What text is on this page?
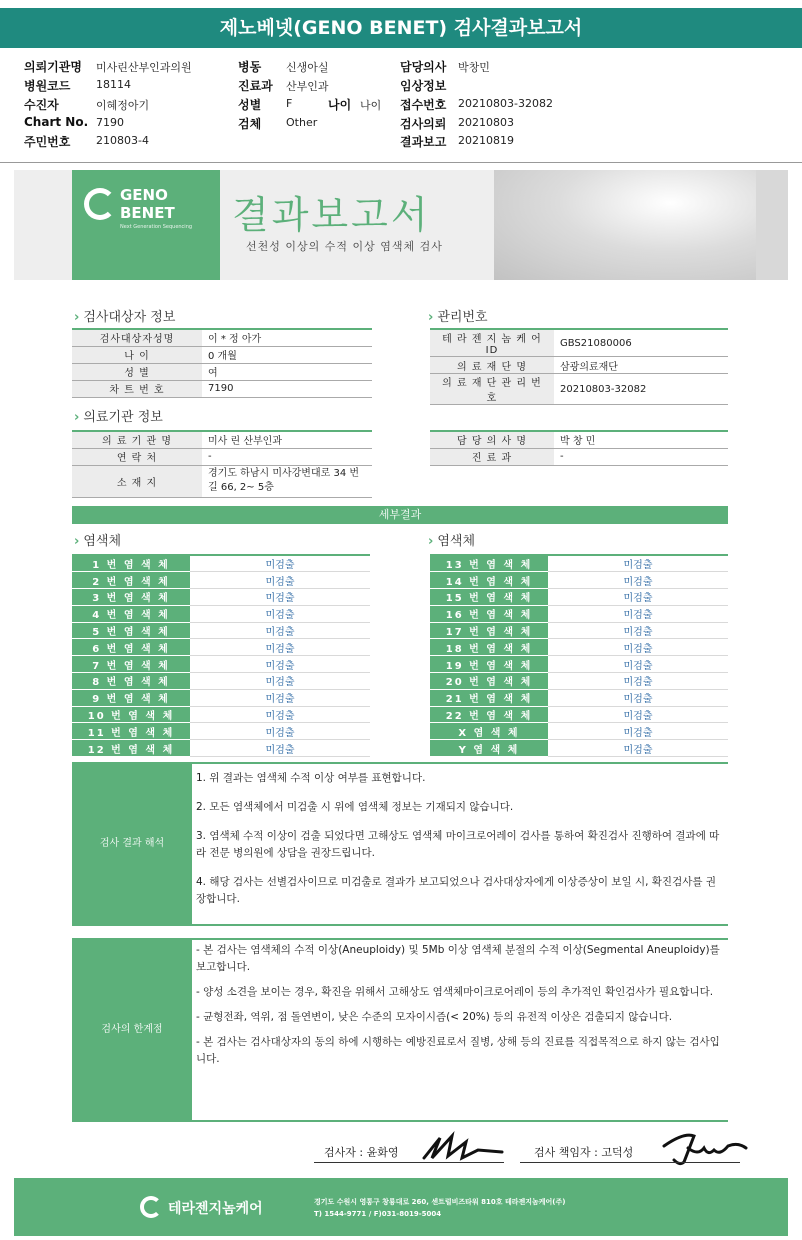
제노베넷(GENO BENET) 검사결과보고서
의뢰기관명 미사린산부인과의원
병원코드 18114
수진자	이혜정아기
Chart No. 7190
주민번호 210803-4
병동 신생아실
진료과 산부인과
성별 F	나이 나이
검체 Other
담당의사 박창민
임상정보
접수번호 20210803-32082
검사의뢰 20210803
결과보고 20210819
GENO
BENET
Next Generation Sequencing 결과보고서
선천성 이상의 수적 이상 염색체 검사
› 검사대상자 정보
검사대상자성명	이 * 정 아가
나 이	0 개월
성 별	여
차 트 번 호	7190
› 관리번호
테 라 젠 지 놈 케 어 ID	GBS21080006
의 료 재 단 명	삼광의료재단
의 료 재 단 관 리 번 호	20210803-32082
› 의료기관 정보
의 료 기 관 명	미사 린 산부인과
연 락 처	-
소 재 지	경기도 하남시 미사강변대로 34 번길 66, 2~ 5층
담 당 의 사 명	박 창 민
진 료 과	-
세부결과
› 염색체	› 염색체
1 번 염 색 체	미검출
2 번 염 색 체	미검출
3 번 염 색 체	미검출
4 번 염 색 체	미검출
5 번 염 색 체	미검출
6 번 염 색 체	미검출
7 번 염 색 체	미검출
8 번 염 색 체	미검출
9 번 염 색 체	미검출
10 번 염 색 체	미검출
11 번 염 색 체	미검출
12 번 염 색 체	미검출
13 번 염 색 체	미검출
14 번 염 색 체	미검출
15 번 염 색 체	미검출
16 번 염 색 체	미검출
17 번 염 색 체	미검출
18 번 염 색 체	미검출
19 번 염 색 체	미검출
20 번 염 색 체	미검출
21 번 염 색 체	미검출
22 번 염 색 체	미검출
X 염 색 체	미검출
Y 염 색 체	미검출
검사 결과 해석

1. 위 결과는 염색체 수적 이상 여부를 표현합니다.

2. 모든 염색체에서 미검출 시 위에 염색체 정보는 기재되지 않습니다.

3. 염색체 수적 이상이 검출 되었다면 고해상도 염색체 마이크로어레이 검사를 통하여 확진검사 진행하여 결과에 따라 전문 병의원에 상담을 권장드립니다.

4. 해당 검사는 선별검사이므로 미검출로 결과가 보고되었으나 검사대상자에게 이상증상이 보일 시, 확진검사를 권장합니다.

검사의 한계점

- 본 검사는 염색체의 수적 이상(Aneuploidy) 및 5Mb 이상 염색체 분절의 수적 이상(Segmental Aneuploidy)를 보고합니다.

- 양성 소견을 보이는 경우, 확진을 위해서 고해상도 염색체마이크로어레이 등의 추가적인 확인검사가 필요합니다.

- 균형전좌, 역위, 점 돌연변이, 낮은 수준의 모자이시즘(< 20%) 등의 유전적 이상은 검출되지 않습니다.

- 본 검사는 검사대상자의 동의 하에 시행하는 예방진료로서 질병, 상해 등의 진료를 직접목적으로 하지 않는 검사입니다.

검사자 : 윤화영	검사 책임자 : 고덕성
테라젠지놈케어	경기도 수원시 영통구 창룡대로 260, 센트럴비즈타워 810호 테라젠지놈케어(주)
T) 1544-9771 / F)031-8019-5004
